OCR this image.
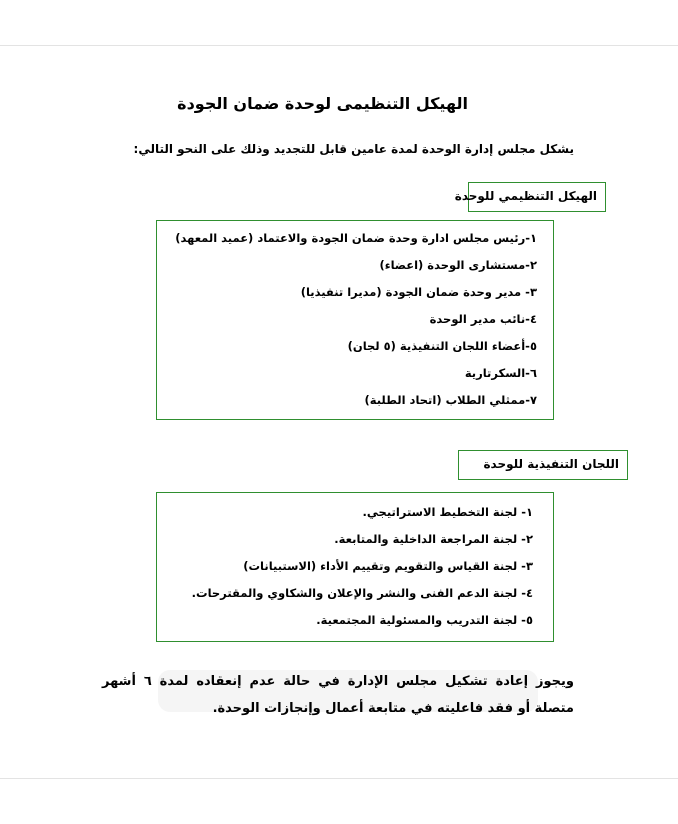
الهيكل التنظيمى لوحدة ضمان الجودة
يشكل مجلس إدارة الوحدة لمدة عامين قابل للتجديد وذلك على النحو التالي:
الهيكل التنظيمي للوحدة
١-رئيس مجلس ادارة وحدة ضمان الجودة والاعتماد (عميد المعهد)
٢-مستشارى الوحدة (اعضاء)
٣- مدير وحدة ضمان الجودة (مديرا تنفيذيا)
٤-نائب مدير الوحدة
٥-أعضاء اللجان التنفيذية (٥ لجان)
٦-السكرتارية
٧-ممثلي الطلاب (اتحاد الطلبة)
اللجان التنفيذية للوحدة
١- لجنة التخطيط الاستراتيجي.
٢- لجنة المراجعة الداخلية والمتابعة.
٣- لجنة القياس والتقويم وتقييم الأداء (الاستبيانات)
٤- لجنة الدعم الفنى والنشر والإعلان والشكاوي والمقترحات.
٥- لجنة التدريب والمسئولية المجتمعية.
ويجوز إعادة تشكيل مجلس الإدارة في حالة عدم إنعقاده لمدة ٦ أشهر متصلة أو فقد فاعليته في متابعة أعمال وإنجازات الوحدة.
